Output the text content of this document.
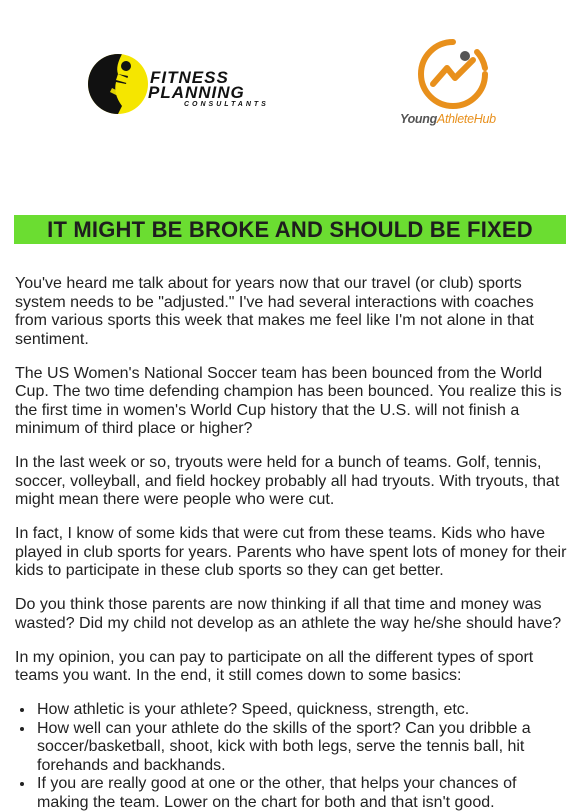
FITNESS
PLANNING
CONSULTANTS
YoungAthleteHub
IT MIGHT BE BROKE AND SHOULD BE FIXED

You've heard me talk about for years now that our travel (or club) sports system needs to be "adjusted." I've had several interactions with coaches from various sports this week that makes me feel like I'm not alone in that sentiment.

The US Women's National Soccer team has been bounced from the World Cup. The two time defending champion has been bounced. You realize this is the first time in women's World Cup history that the U.S. will not finish a minimum of third place or higher?

In the last week or so, tryouts were held for a bunch of teams. Golf, tennis, soccer, volleyball, and field hockey probably all had tryouts. With tryouts, that might mean there were people who were cut.

In fact, I know of some kids that were cut from these teams. Kids who have played in club sports for years. Parents who have spent lots of money for their kids to participate in these club sports so they can get better.

Do you think those parents are now thinking if all that time and money was wasted? Did my child not develop as an athlete the way he/she should have?

In my opinion, you can pay to participate on all the different types of sport teams you want. In the end, it still comes down to some basics:

• How athletic is your athlete? Speed, quickness, strength, etc.
• How well can your athlete do the skills of the sport? Can you dribble a soccer/basketball, shoot, kick with both legs, serve the tennis ball, hit forehands and backhands.
• If you are really good at one or the other, that helps your chances of making the team. Lower on the chart for both and that isn't good.
